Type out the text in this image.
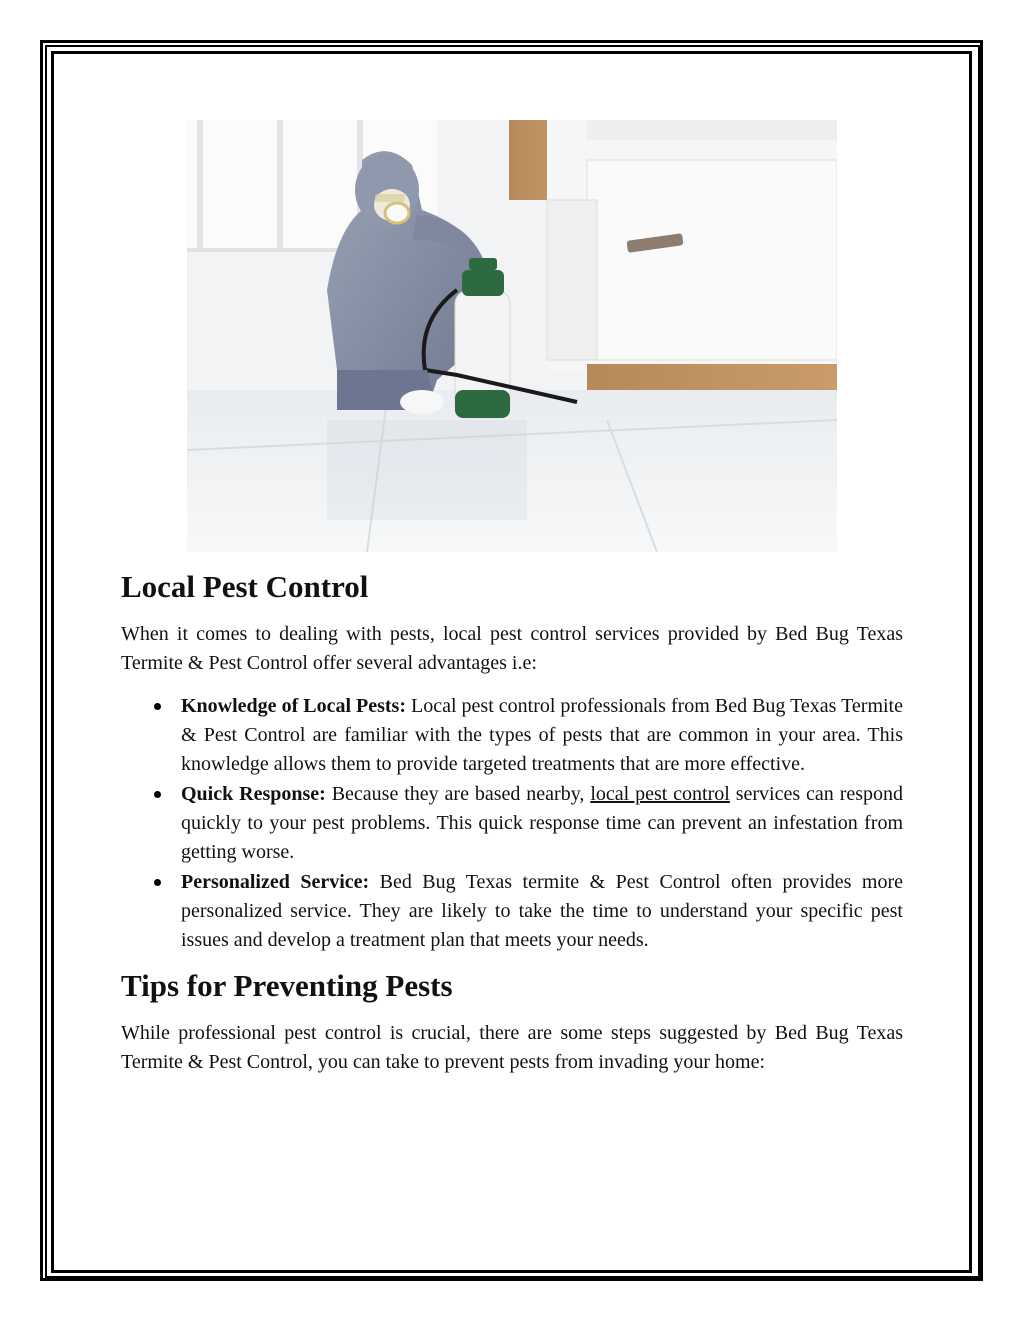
Local Pest Control

When it comes to dealing with pests, local pest control services provided by Bed Bug Texas Termite & Pest Control offer several advantages i.e:

Knowledge of Local Pests: Local pest control professionals from Bed Bug Texas Termite & Pest Control are familiar with the types of pests that are common in your area. This knowledge allows them to provide targeted treatments that are more effective.
Quick Response: Because they are based nearby, local pest control services can respond quickly to your pest problems. This quick response time can prevent an infestation from getting worse.
Personalized Service: Bed Bug Texas termite & Pest Control often provides more personalized service. They are likely to take the time to understand your specific pest issues and develop a treatment plan that meets your needs.
Tips for Preventing Pests

While professional pest control is crucial, there are some steps suggested by Bed Bug Texas Termite & Pest Control, you can take to prevent pests from invading your home:
